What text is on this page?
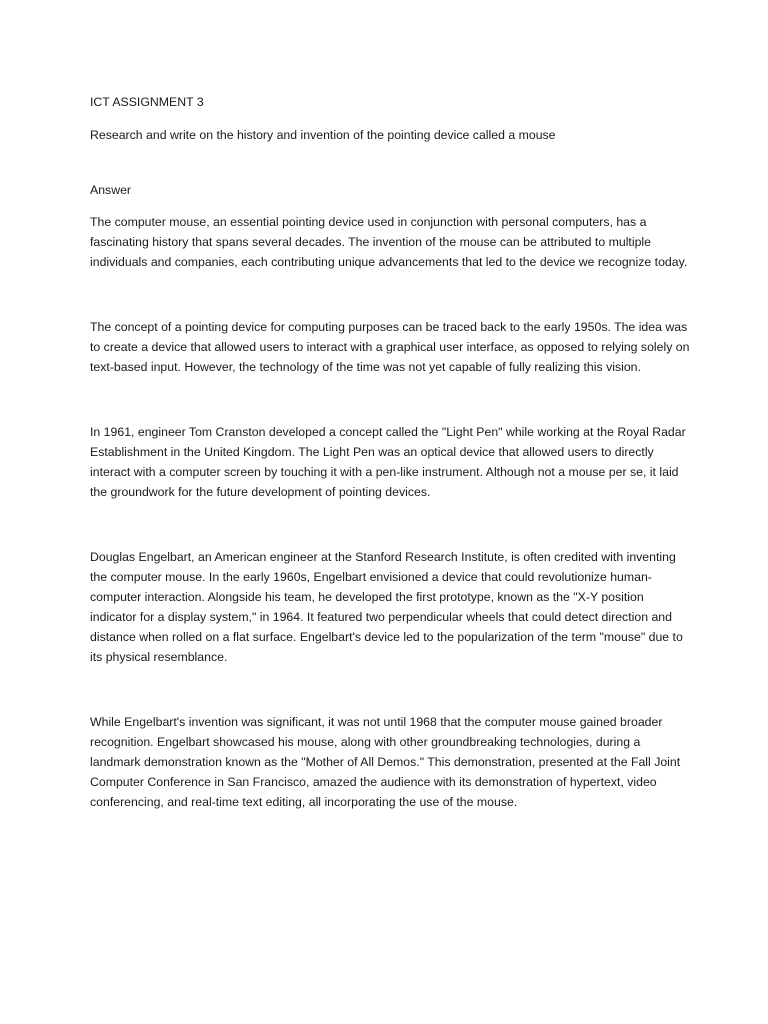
ICT ASSIGNMENT 3

Research and write on the history and invention of the pointing device called a mouse

Answer

The computer mouse, an essential pointing device used in conjunction with personal computers, has a fascinating history that spans several decades. The invention of the mouse can be attributed to multiple individuals and companies, each contributing unique advancements that led to the device we recognize today.

The concept of a pointing device for computing purposes can be traced back to the early 1950s. The idea was to create a device that allowed users to interact with a graphical user interface, as opposed to relying solely on text-based input. However, the technology of the time was not yet capable of fully realizing this vision.

In 1961, engineer Tom Cranston developed a concept called the "Light Pen" while working at the Royal Radar Establishment in the United Kingdom. The Light Pen was an optical device that allowed users to directly interact with a computer screen by touching it with a pen-like instrument. Although not a mouse per se, it laid the groundwork for the future development of pointing devices.

Douglas Engelbart, an American engineer at the Stanford Research Institute, is often credited with inventing the computer mouse. In the early 1960s, Engelbart envisioned a device that could revolutionize human-computer interaction. Alongside his team, he developed the first prototype, known as the "X-Y position indicator for a display system," in 1964. It featured two perpendicular wheels that could detect direction and distance when rolled on a flat surface. Engelbart's device led to the popularization of the term "mouse" due to its physical resemblance.

While Engelbart's invention was significant, it was not until 1968 that the computer mouse gained broader recognition. Engelbart showcased his mouse, along with other groundbreaking technologies, during a landmark demonstration known as the "Mother of All Demos." This demonstration, presented at the Fall Joint Computer Conference in San Francisco, amazed the audience with its demonstration of hypertext, video conferencing, and real-time text editing, all incorporating the use of the mouse.
